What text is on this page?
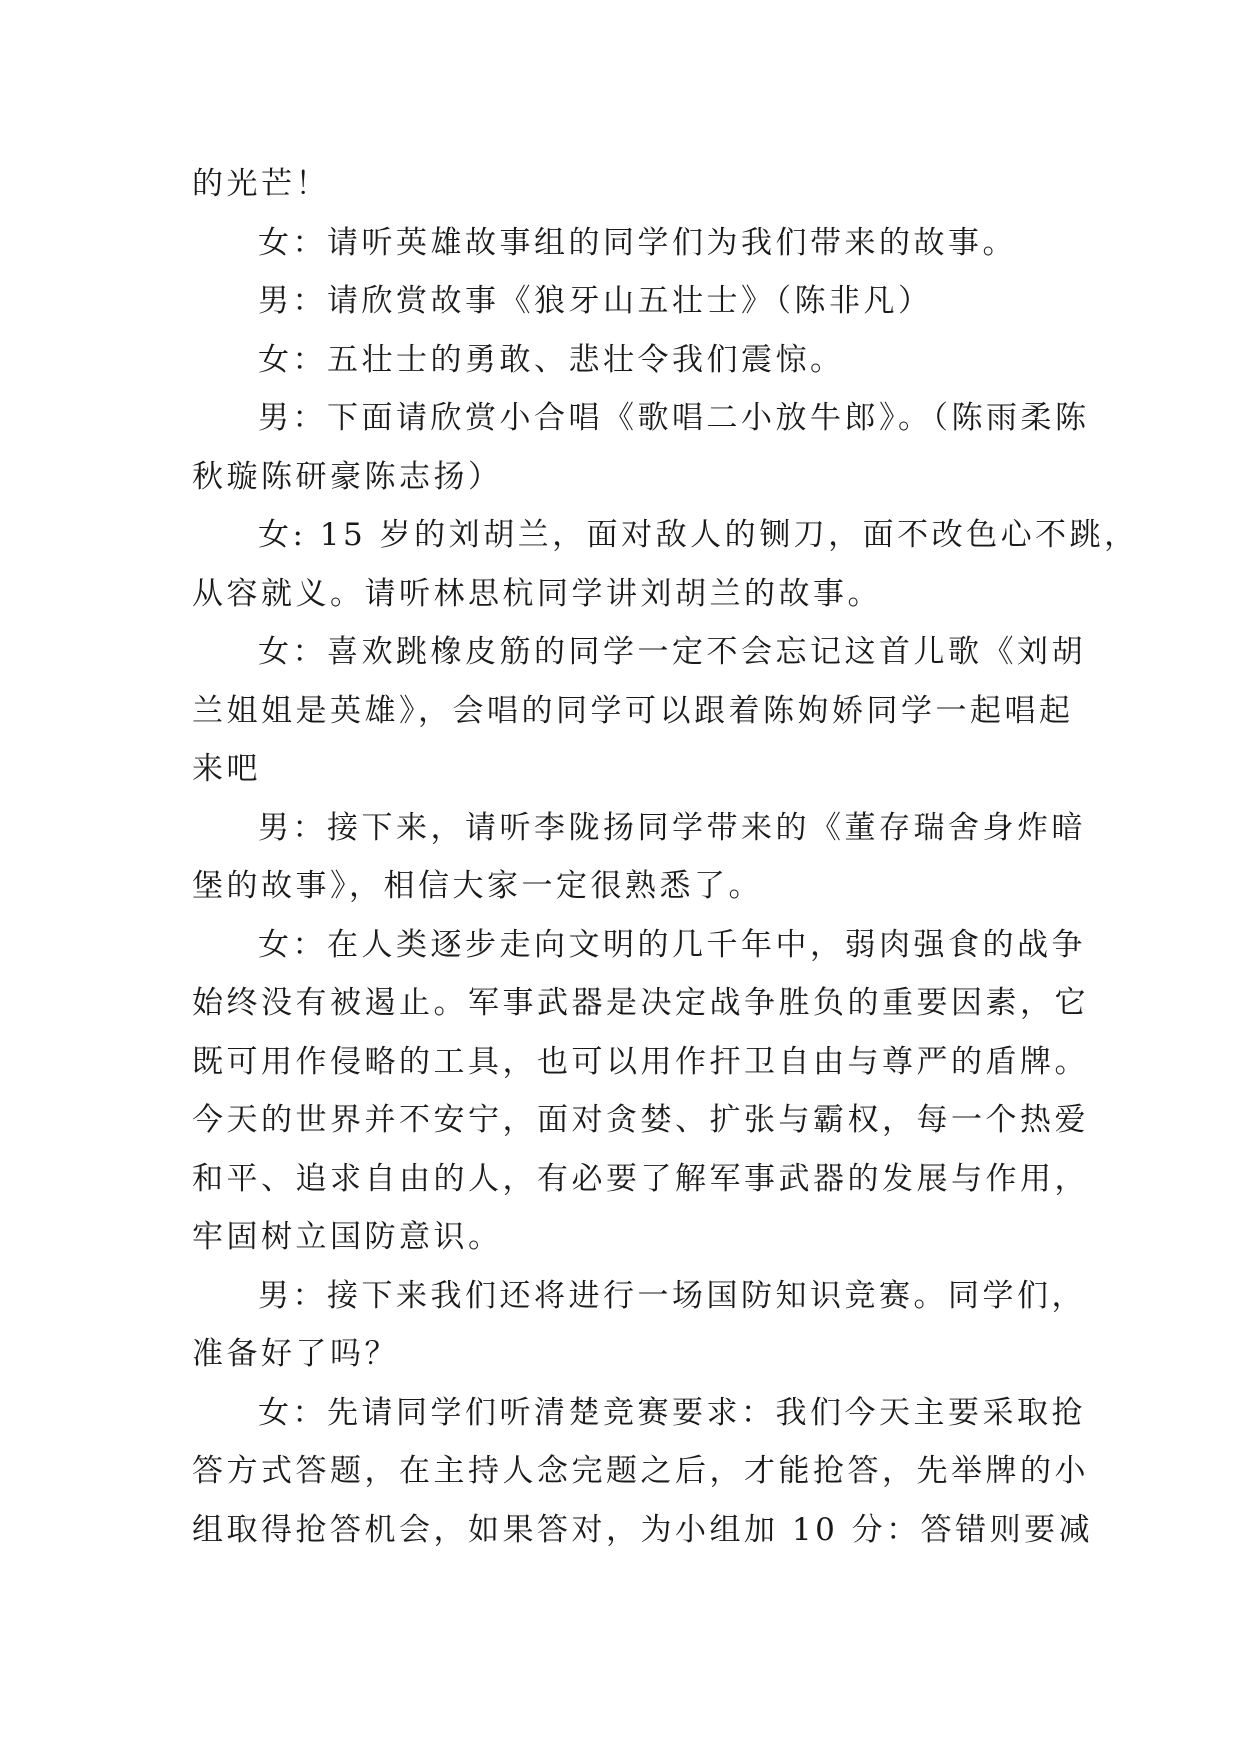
的光芒！
女：请听英雄故事组的同学们为我们带来的故事。
男：请欣赏故事《狼牙山五壮士》（陈非凡）
女：五壮士的勇敢、悲壮令我们震惊。
男：下面请欣赏小合唱《歌唱二小放牛郎》。（陈雨柔陈
秋璇陈研豪陈志扬）
女: 15 岁的刘胡兰，面对敌人的铡刀，面不改色心不跳，
从容就义。请听林思杭同学讲刘胡兰的故事。
女：喜欢跳橡皮筋的同学一定不会忘记这首儿歌《刘胡
兰姐姐是英雄》，会唱的同学可以跟着陈姁娇同学一起唱起
来吧
男：接下来，请听李陇扬同学带来的《董存瑞舍身炸暗
堡的故事》，相信大家一定很熟悉了。
女：在人类逐步走向文明的几千年中，弱肉强食的战争
始终没有被遏止。军事武器是决定战争胜负的重要因素，它
既可用作侵略的工具，也可以用作扞卫自由与尊严的盾牌。
今天的世界并不安宁，面对贪婪、扩张与霸权，每一个热爱
和平、追求自由的人，有必要了解军事武器的发展与作用，
牢固树立国防意识。
男：接下来我们还将进行一场国防知识竞赛。同学们，
准备好了吗？
女：先请同学们听清楚竞赛要求：我们今天主要采取抢
答方式答题，在主持人念完题之后，才能抢答，先举牌的小
组取得抢答机会，如果答对，为小组加 10 分：答错则要减
